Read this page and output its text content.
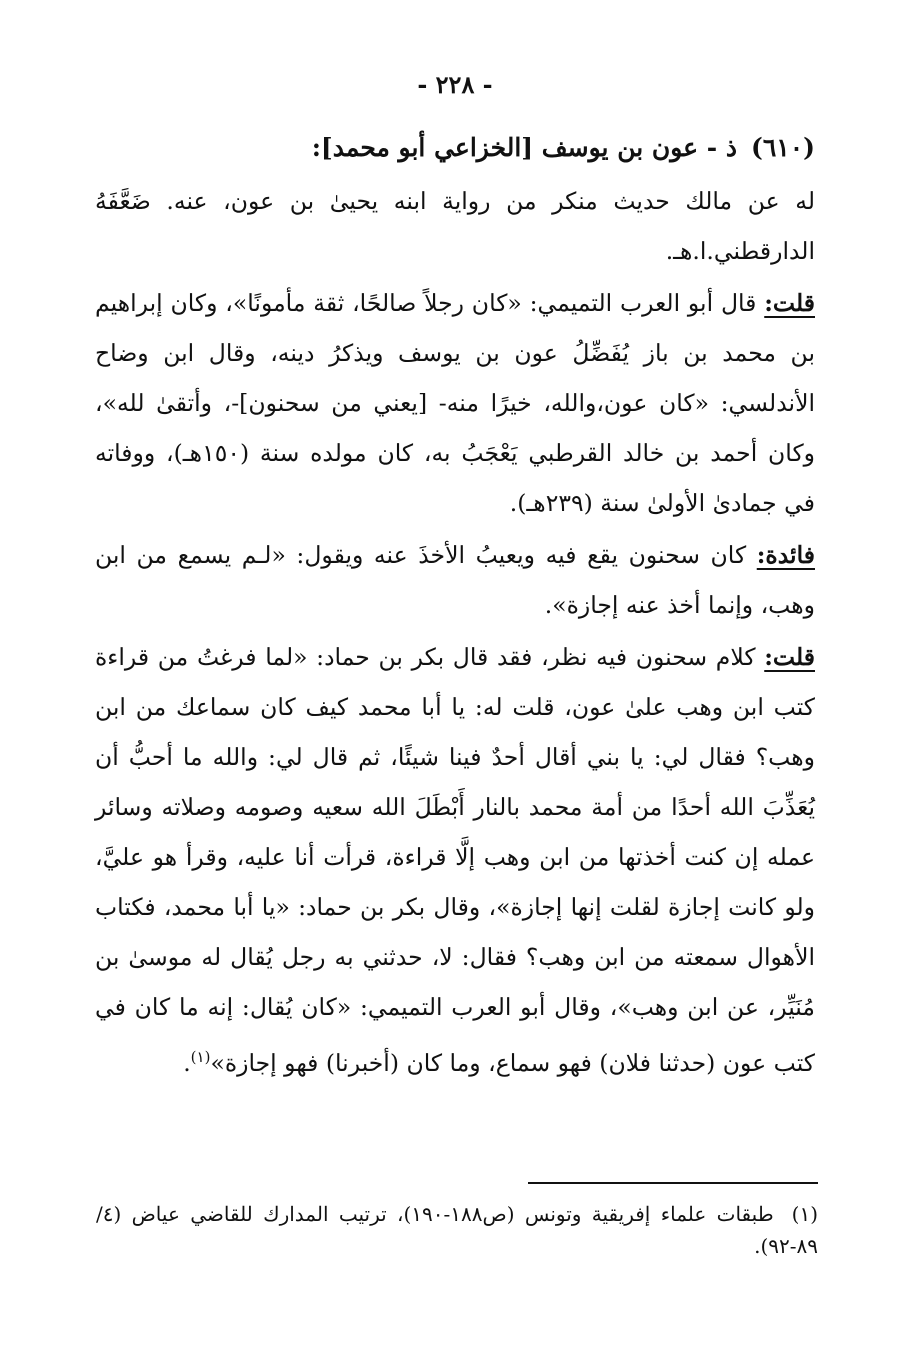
- ٢٢٨ -
(٦١٠)ذ - عون بن يوسف [الخزاعي أبو محمد]:

له عن مالك حديث منكر من رواية ابنه يحيىٰ بن عون، عنه. ضَعَّفَهُ الدارقطني.ا.هـ.

قلت: قال أبو العرب التميمي: «كان رجلاً صالحًا، ثقة مأمونًا»، وكان إبراهيم بن محمد بن باز يُفَضِّلُ عون بن يوسف ويذكرُ دينه، وقال ابن وضاح الأندلسي: «كان عون،والله، خيرًا منه- [يعني من سحنون]-، وأتقىٰ لله»، وكان أحمد بن خالد القرطبي يَعْجَبُ به، كان مولده سنة (١٥٠هـ)، ووفاته في جمادىٰ الأولىٰ سنة (٢٣٩هـ).

فائدة: كان سحنون يقع فيه ويعيبُ الأخذَ عنه ويقول: «لـم يسمع من ابن وهب، وإنما أخذ عنه إجازة».

قلت: كلام سحنون فيه نظر، فقد قال بكر بن حماد: «لما فرغتُ من قراءة كتب ابن وهب علىٰ عون، قلت له: يا أبا محمد كيف كان سماعك من ابن وهب؟ فقال لي: يا بني أقال أحدٌ فينا شيئًا، ثم قال لي: والله ما أحبُّ أن يُعَذِّبَ الله أحدًا من أمة محمد بالنار أَبْطَلَ الله سعيه وصومه وصلاته وسائر عمله إن كنت أخذتها من ابن وهب إلَّا قراءة، قرأت أنا عليه، وقرأ هو عليَّ، ولو كانت إجازة لقلت إنها إجازة»، وقال بكر بن حماد: «يا أبا محمد، فكتاب الأهوال سمعته من ابن وهب؟ فقال: لا، حدثني به رجل يُقال له موسىٰ بن مُنَيِّر، عن ابن وهب»، وقال أبو العرب التميمي: «كان يُقال: إنه ما كان في كتب عون (حدثنا فلان) فهو سماع، وما كان (أخبرنا) فهو إجازة»$^{(١)}$.

(١)طبقات علماء إفريقية وتونس (ص١٨٨-١٩٠)، ترتيب المدارك للقاضي عياض (٤/ ٨٩-٩٢).
